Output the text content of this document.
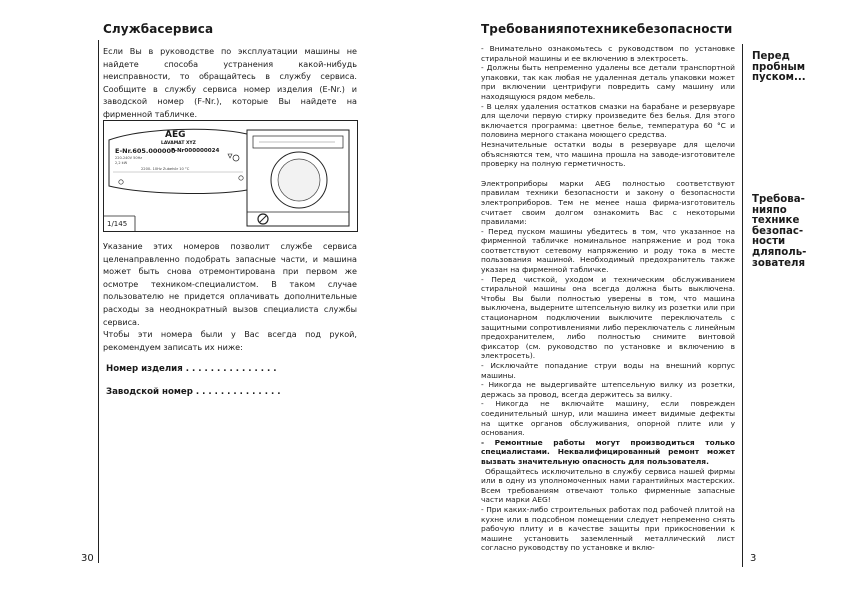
Службасервиса
Если Вы в руководстве по эксплуатации машины не найдете способа устранения какой-нибудь неисправности, то обращайтесь в службу сервиса. Сообщите в службу сервиса номер изделия (E-Nr.) и заводской номер (F-Nr.), которые Вы найдете на фирменной табличке.
AEG
LAVAMAT XYZ
E-Nr.605.000000
F-Nr000000024
220-240V 50Hz
2,2 kW
2200- 10Hz Zubehör 10 °C
1/145
Указание этих номеров позволит службе сервиса целенаправленно подобрать запасные части, и машина может быть снова отремонтирована при первом же осмотре техником-специалистом. В таком случае пользователю не придется оплачивать дополнительные расходы за неоднократный вызов специалиста службы сервиса.
Чтобы эти номера были у Вас всегда под рукой, рекомендуем записать их ниже:
Номер изделия . . . . . . . . . . . . . . .
Заводской номер . . . . . . . . . . . . . .
30
Требованияпотехникебезопасности
- Внимательно ознакомьтесь с руководством по установке стиральной машины и ее включению в электросеть.
- Должны быть непременно удалены все детали транспортной упаковки, так как любая не удаленная деталь упаковки может при включении центрифуги повредить саму машину или находящуюся рядом мебель.
- В целях удаления остатков смазки на барабане и резервуаре для щелочи первую стирку произведите без белья. Для этого включается программа: цветное белье, температура 60 °С и половина мерного стакана моющего средства.
Незначительные остатки воды в резервуаре для щелочи объясняются тем, что машина прошла на заводе-изготовителе проверку на полную герметичность.
Электроприборы марки AEG полностью соответствуют правилам техники безопасности и закону о безопасности электроприборов. Тем не менее наша фирма-изготовитель считает своим долгом ознакомить Вас с некоторыми правилами:
- Перед пуском машины убедитесь в том, что указанное на фирменной табличке номинальное напряжение и род тока соответствуют сетевому напряжению и роду тока в месте пользования машиной. Необходимый предохранитель также указан на фирменной табличке.
- Перед чисткой, уходом и техническим обслуживанием стиральной машины она всегда должна быть выключена. Чтобы Вы были полностью уверены в том, что машина выключена, выдерните штепсельную вилку из розетки или при стационарном подключении выключите переключатель с защитными сопротивлениями либо переключатель с линейным предохранителем, либо полностью снимите винтовой фиксатор (см. руководство по установке и включению в электросеть).
- Исключайте попадание струи воды на внешний корпус машины.
- Никогда не выдергивайте штепсельную вилку из розетки, держась за провод, всегда держитесь за вилку.
- Никогда не включайте машину, если поврежден соединительный шнур, или машина имеет видимые дефекты на щитке органов обслуживания, опорной плите или у основания.
- Ремонтные работы могут производиться только специалистами. Неквалифицированный ремонт может вызвать значительную опасность для пользователя.
Обращайтесь исключительно в службу сервиса нашей фирмы или в одну из уполномоченных нами гарантийных мастерских. Всем требованиям отвечают только фирменные запасные части марки AEG!
- При каких-либо строительных работах под рабочей плитой на кухне или в подсобном помещении следует непременно снять рабочую плиту и в качестве защиты при прикосновении к машине установить заземленный металлический лист согласно руководству по установке и вклю-
Перед
пробным
пуском...
Требова-
нияпо
технике
безопас-
ности
дляполь-
зователя
3
